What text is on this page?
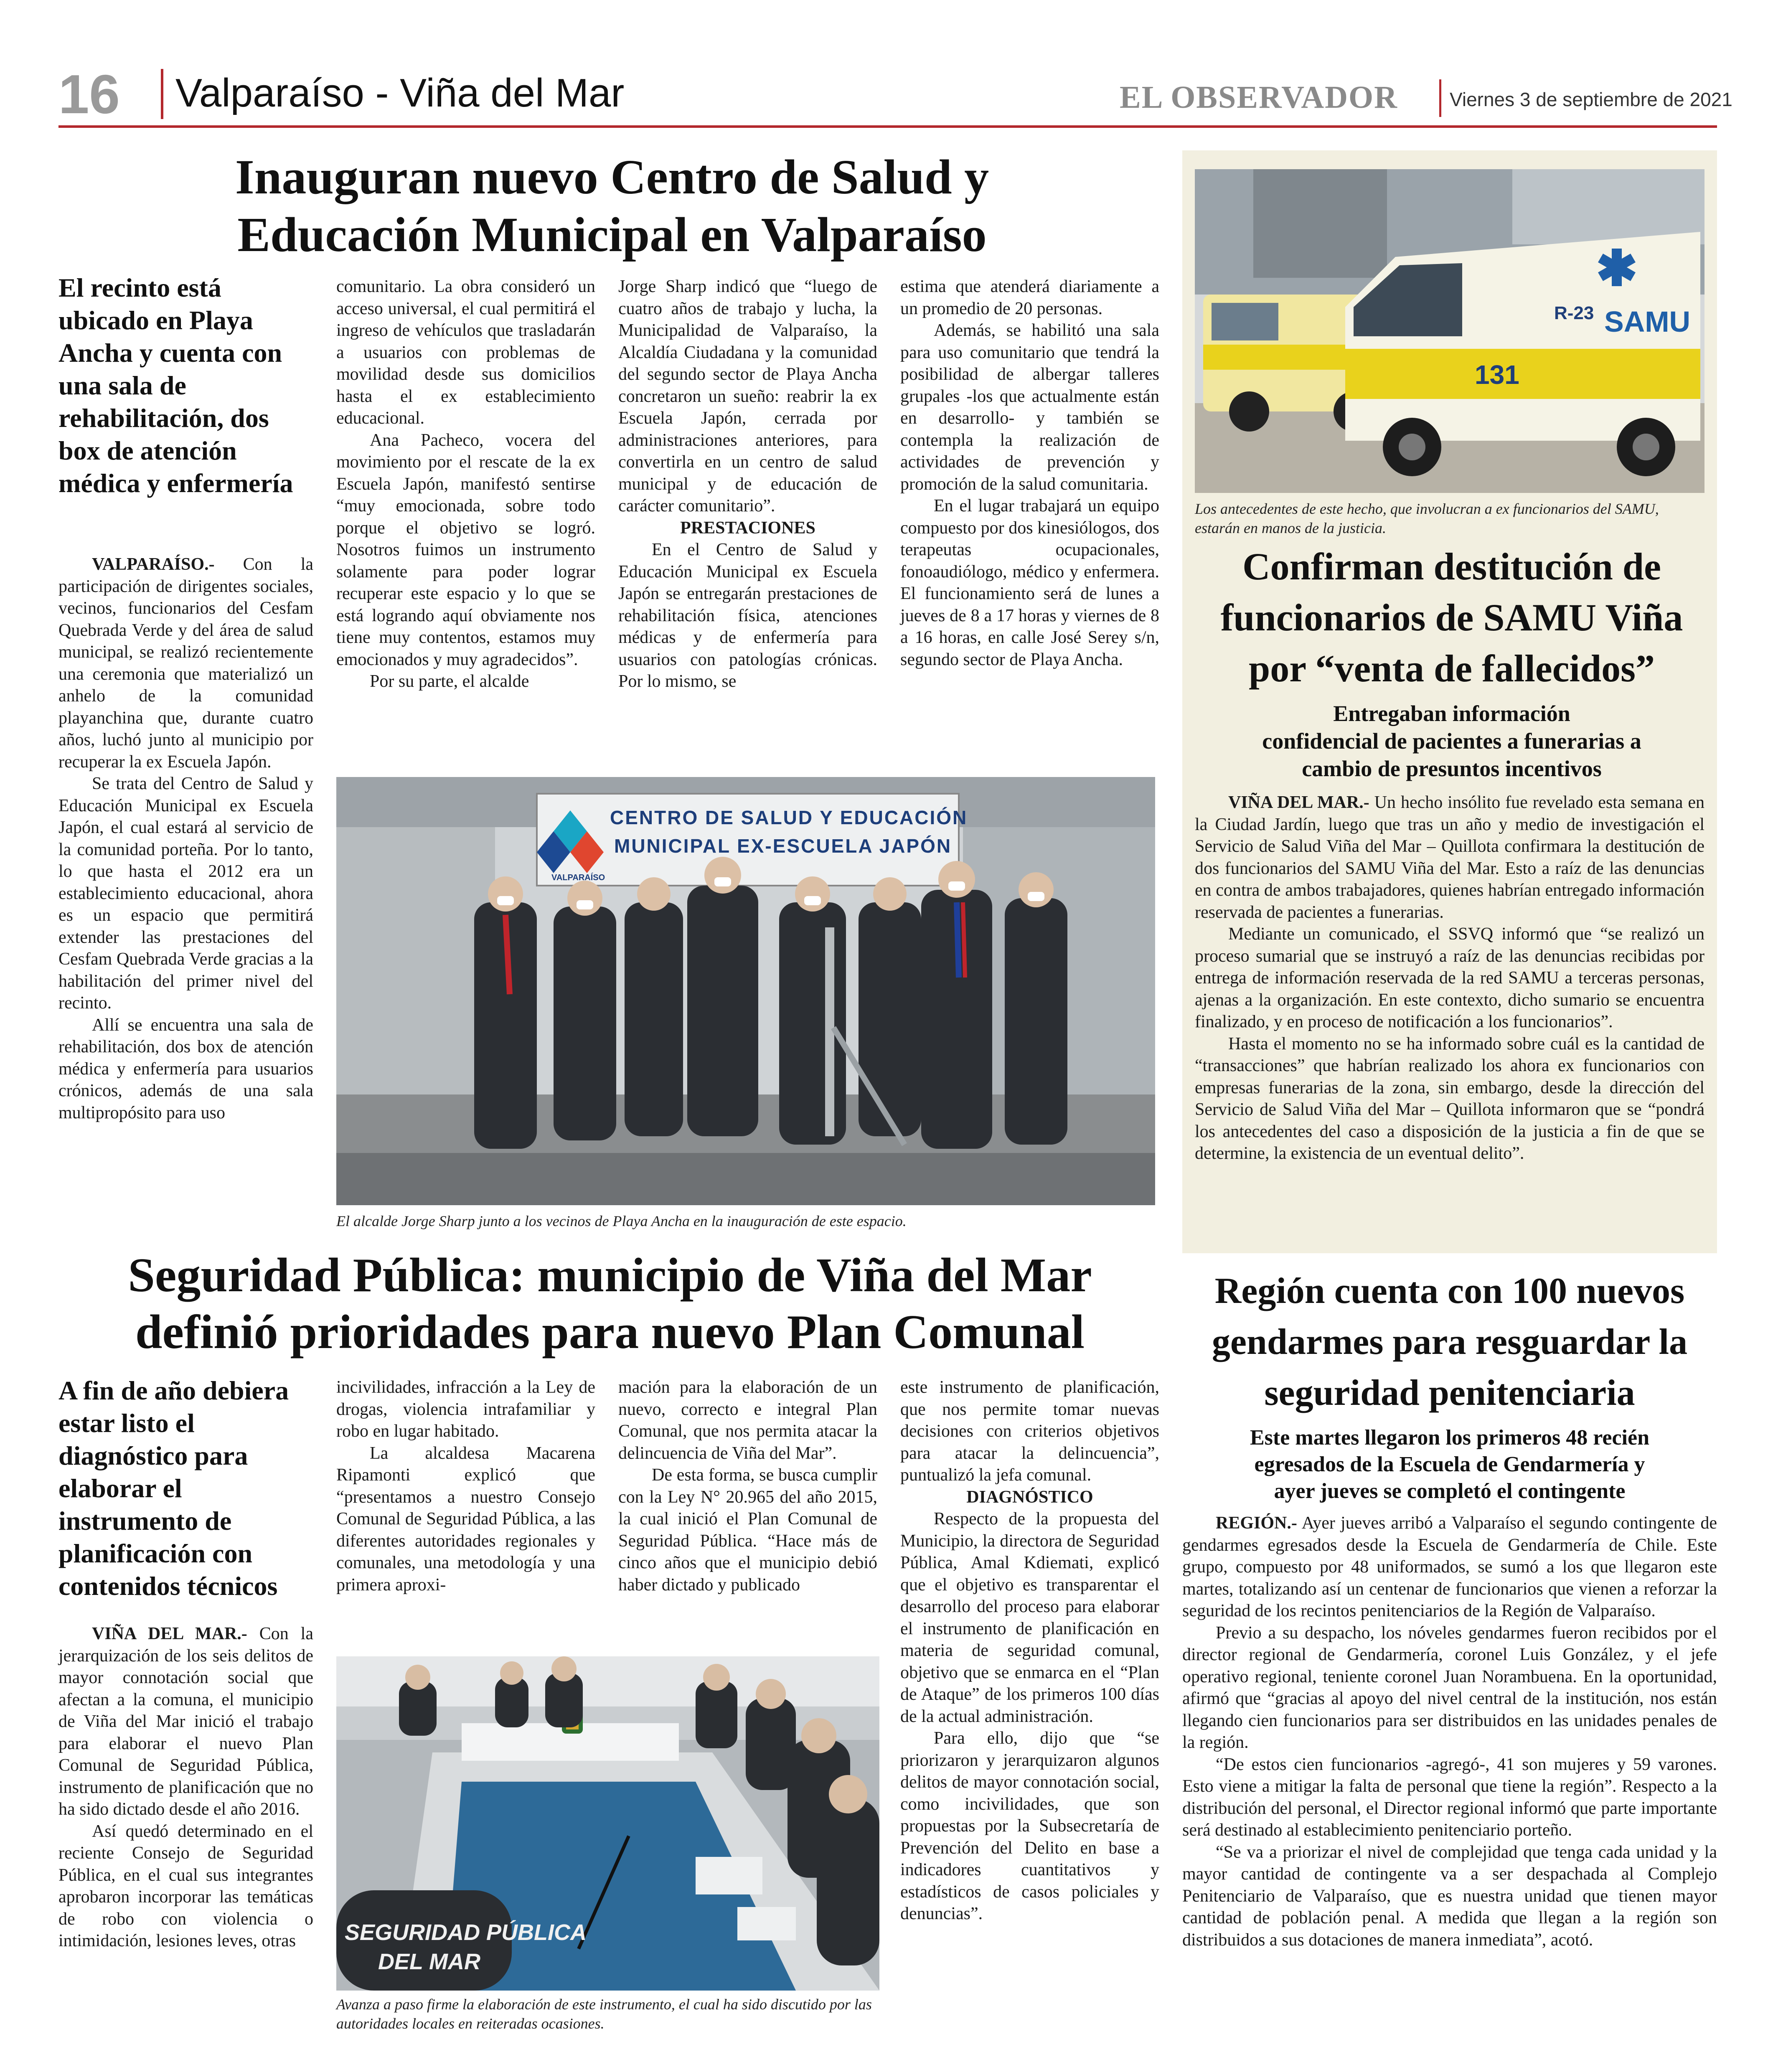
16 Valparaíso - Viña del Mar	EL OBSERVADOR	Viernes 3 de septiembre de 2021
Inauguran nuevo Centro de Salud y
Educación Municipal en Valparaíso
El recinto está ubicado en Playa Ancha y cuenta con una sala de rehabilitación, dos box de atención médica y enfermería

VALPARAÍSO.- Con la participación de dirigentes sociales, vecinos, funcionarios del Cesfam Quebrada Verde y del área de salud municipal, se realizó recientemente una ceremonia que materializó un anhelo de la comunidad playanchina que, durante cuatro años, luchó junto al municipio por recuperar la ex Escuela Japón.

Se trata del Centro de Salud y Educación Municipal ex Escuela Japón, el cual estará al servicio de la comunidad porteña. Por lo tanto, lo que hasta el 2012 era un establecimiento educacional, ahora es un espacio que permitirá extender las prestaciones del Cesfam Quebrada Verde gracias a la habilitación del primer nivel del recinto.

Allí se encuentra una sala de rehabilitación, dos box de atención médica y enfermería para usuarios crónicos, además de una sala multipropósito para uso

comunitario. La obra consideró un acceso universal, el cual permitirá el ingreso de vehículos que trasladarán a usuarios con problemas de movilidad desde sus domicilios hasta el ex establecimiento educacional.

Ana Pacheco, vocera del movimiento por el rescate de la ex Escuela Japón, manifestó sentirse “muy emocionada, sobre todo porque el objetivo se logró. Nosotros fuimos un instrumento solamente para poder lograr recuperar este espacio y lo que se está logrando aquí obviamente nos tiene muy contentos, estamos muy emocionados y muy agradecidos”.

Por su parte, el alcalde

Jorge Sharp indicó que “luego de cuatro años de trabajo y lucha, la Municipalidad de Valparaíso, la Alcaldía Ciudadana y la comunidad del segundo sector de Playa Ancha concretaron un sueño: reabrir la ex Escuela Japón, cerrada por administraciones anteriores, para convertirla en un centro de salud municipal y de educación de carácter comunitario”.

PRESTACIONES

En el Centro de Salud y Educación Municipal ex Escuela Japón se entregarán prestaciones de rehabilitación física, atenciones médicas y de enfermería para usuarios con patologías crónicas. Por lo mismo, se

estima que atenderá diariamente a un promedio de 20 personas.

Además, se habilitó una sala para uso comunitario que tendrá la posibilidad de albergar talleres grupales -los que actualmente están en desarrollo- y también se contempla la realización de actividades de prevención y promoción de la salud comunitaria.

En el lugar trabajará un equipo compuesto por dos kinesiólogos, dos terapeutas ocupacionales, fonoaudiólogo, médico y enfermera. El funcionamiento será de lunes a jueves de 8 a 17 horas y viernes de 8 a 16 horas, en calle José Serey s/n, segundo sector de Playa Ancha.

CENTRO DE SALUD Y EDUCACIÓN
MUNICIPAL EX-ESCUELA JAPÓN
VALPARAÍSO
El alcalde Jorge Sharp junto a los vecinos de Playa Ancha en la inauguración de este espacio.
Seguridad Pública: municipio de Viña del Mar
definió prioridades para nuevo Plan Comunal
A fin de año debiera estar listo el diagnóstico para elaborar el instrumento de planificación con contenidos técnicos

VIÑA DEL MAR.- Con la jerarquización de los seis delitos de mayor connotación social que afectan a la comuna, el municipio de Viña del Mar inició el trabajo para elaborar el nuevo Plan Comunal de Seguridad Pública, instrumento de planificación que no ha sido dictado desde el año 2016.

Así quedó determinado en el reciente Consejo de Seguridad Pública, en el cual sus integrantes aprobaron incorporar las temáticas de robo con violencia o intimidación, lesiones leves, otras

incivilidades, infracción a la Ley de drogas, violencia intrafamiliar y robo en lugar habitado.

La alcaldesa Macarena Ripamonti explicó que “presentamos a nuestro Consejo Comunal de Seguridad Pública, a las diferentes autoridades regionales y comunales, una metodología y una primera aproxi-

mación para la elaboración de un nuevo, correcto e integral Plan Comunal, que nos permita atacar la delincuencia de Viña del Mar”.

De esta forma, se busca cumplir con la Ley N° 20.965 del año 2015, la cual inició el Plan Comunal de Seguridad Pública. “Hace más de cinco años que el municipio debió haber dictado y publicado

este instrumento de planificación, que nos permite tomar nuevas decisiones con criterios objetivos para atacar la delincuencia”, puntualizó la jefa comunal.

DIAGNÓSTICO

Respecto de la propuesta del Municipio, la directora de Seguridad Pública, Amal Kdiemati, explicó que el objetivo es transparentar el desarrollo del proceso para elaborar el instrumento de planificación en materia de seguridad comunal, objetivo que se enmarca en el “Plan de Ataque” de los primeros 100 días de la actual administración.

Para ello, dijo que “se priorizaron y jerarquizaron algunos delitos de mayor connotación social, como incivilidades, que son propuestas por la Subsecretaría de Prevención del Delito en base a indicadores cuantitativos y estadísticos de casos policiales y denuncias”.

SEGURIDAD PÚBLICA
DEL MAR
Avanza a paso firme la elaboración de este instrumento, el cual ha sido discutido por las autoridades locales en reiteradas ocasiones.
R-23 SAMU
131
Los antecedentes de este hecho, que involucran a ex funcionarios del SAMU, estarán en manos de la justicia.
Confirman destitución de
funcionarios de SAMU Viña
por “venta de fallecidos”
Entregaban información
confidencial de pacientes a funerarias a
cambio de presuntos incentivos

VIÑA DEL MAR.- Un hecho insólito fue revelado esta semana en la Ciudad Jardín, luego que tras un año y medio de investigación el Servicio de Salud Viña del Mar – Quillota confirmara la destitución de dos funcionarios del SAMU Viña del Mar. Esto a raíz de las denuncias en contra de ambos trabajadores, quienes habrían entregado información reservada de pacientes a funerarias.

Mediante un comunicado, el SSVQ informó que “se realizó un proceso sumarial que se instruyó a raíz de las denuncias recibidas por entrega de información reservada de la red SAMU a terceras personas, ajenas a la organización. En este contexto, dicho sumario se encuentra finalizado, y en proceso de notificación a los funcionarios”.

Hasta el momento no se ha informado sobre cuál es la cantidad de “transacciones” que habrían realizado los ahora ex funcionarios con empresas funerarias de la zona, sin embargo, desde la dirección del Servicio de Salud Viña del Mar – Quillota informaron que se “pondrá los antecedentes del caso a disposición de la justicia a fin de que se determine, la existencia de un eventual delito”.

Región cuenta con 100 nuevos
gendarmes para resguardar la
seguridad penitenciaria
Este martes llegaron los primeros 48 recién
egresados de la Escuela de Gendarmería y
ayer jueves se completó el contingente

REGIÓN.- Ayer jueves arribó a Valparaíso el segundo contingente de gendarmes egresados desde la Escuela de Gendarmería de Chile. Este grupo, compuesto por 48 uniformados, se sumó a los que llegaron este martes, totalizando así un centenar de funcionarios que vienen a reforzar la seguridad de los recintos penitenciarios de la Región de Valparaíso.

Previo a su despacho, los nóveles gendarmes fueron recibidos por el director regional de Gendarmería, coronel Luis González, y el jefe operativo regional, teniente coronel Juan Norambuena. En la oportunidad, afirmó que “gracias al apoyo del nivel central de la institución, nos están llegando cien funcionarios para ser distribuidos en las unidades penales de la región.

“De estos cien funcionarios -agregó-, 41 son mujeres y 59 varones. Esto viene a mitigar la falta de personal que tiene la región”. Respecto a la distribución del personal, el Director regional informó que parte importante será destinado al establecimiento penitenciario porteño.

“Se va a priorizar el nivel de complejidad que tenga cada unidad y la mayor cantidad de contingente va a ser despachada al Complejo Penitenciario de Valparaíso, que es nuestra unidad que tienen mayor cantidad de población penal. A medida que llegan a la región son distribuidos a sus dotaciones de manera inmediata”, acotó.
